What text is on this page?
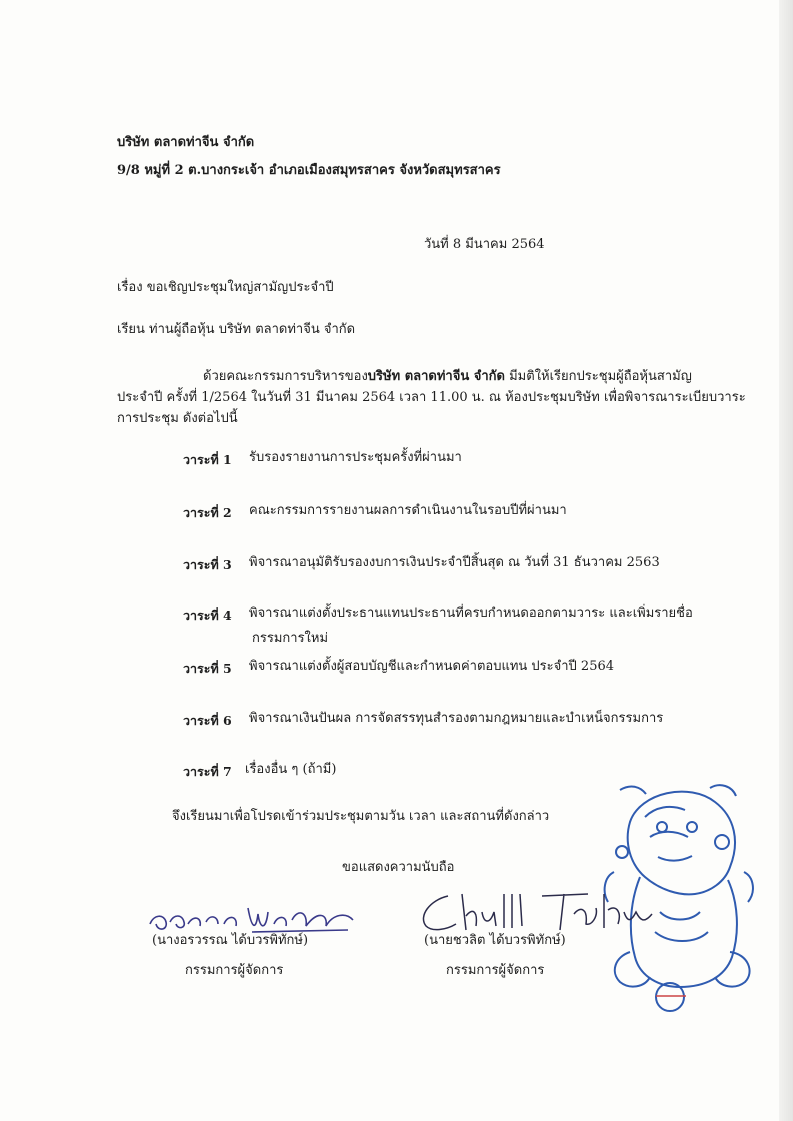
บริษัท ตลาดท่าจีน จำกัด
9/8 หมู่ที่ 2 ต.บางกระเจ้า อำเภอเมืองสมุทรสาคร จังหวัดสมุทรสาคร
วันที่ 8 มีนาคม 2564
เรื่อง ขอเชิญประชุมใหญ่สามัญประจำปี
เรียน ท่านผู้ถือหุ้น บริษัท ตลาดท่าจีน จำกัด
ด้วยคณะกรรมการบริหารของบริษัท ตลาดท่าจีน จำกัด มีมติให้เรียกประชุมผู้ถือหุ้นสามัญ
ประจำปี ครั้งที่ 1/2564 ในวันที่ 31 มีนาคม 2564 เวลา 11.00 น. ณ ห้องประชุมบริษัท เพื่อพิจารณาระเบียบวาระ
การประชุม ดังต่อไปนี้
วาระที่ 1 รับรองรายงานการประชุมครั้งที่ผ่านมา
วาระที่ 2 คณะกรรมการรายงานผลการดำเนินงานในรอบปีที่ผ่านมา
วาระที่ 3 พิจารณาอนุมัติรับรองงบการเงินประจำปีสิ้นสุด ณ วันที่ 31 ธันวาคม 2563
วาระที่ 4 พิจารณาแต่งตั้งประธานแทนประธานที่ครบกำหนดออกตามวาระ และเพิ่มรายชื่อ
กรรมการใหม่
วาระที่ 5 พิจารณาแต่งตั้งผู้สอบบัญชีและกำหนดค่าตอบแทน ประจำปี 2564
วาระที่ 6 พิจารณาเงินปันผล การจัดสรรทุนสำรองตามกฎหมายและบำเหน็จกรรมการ
วาระที่ 7 เรื่องอื่น ๆ (ถ้ามี)
จึงเรียนมาเพื่อโปรดเข้าร่วมประชุมตามวัน เวลา และสถานที่ดังกล่าว
ขอแสดงความนับถือ
(นางอรวรรณ ได้บวรพิทักษ์)
กรรมการผู้จัดการ
(นายชวลิต ได้บวรพิทักษ์)
กรรมการผู้จัดการ
